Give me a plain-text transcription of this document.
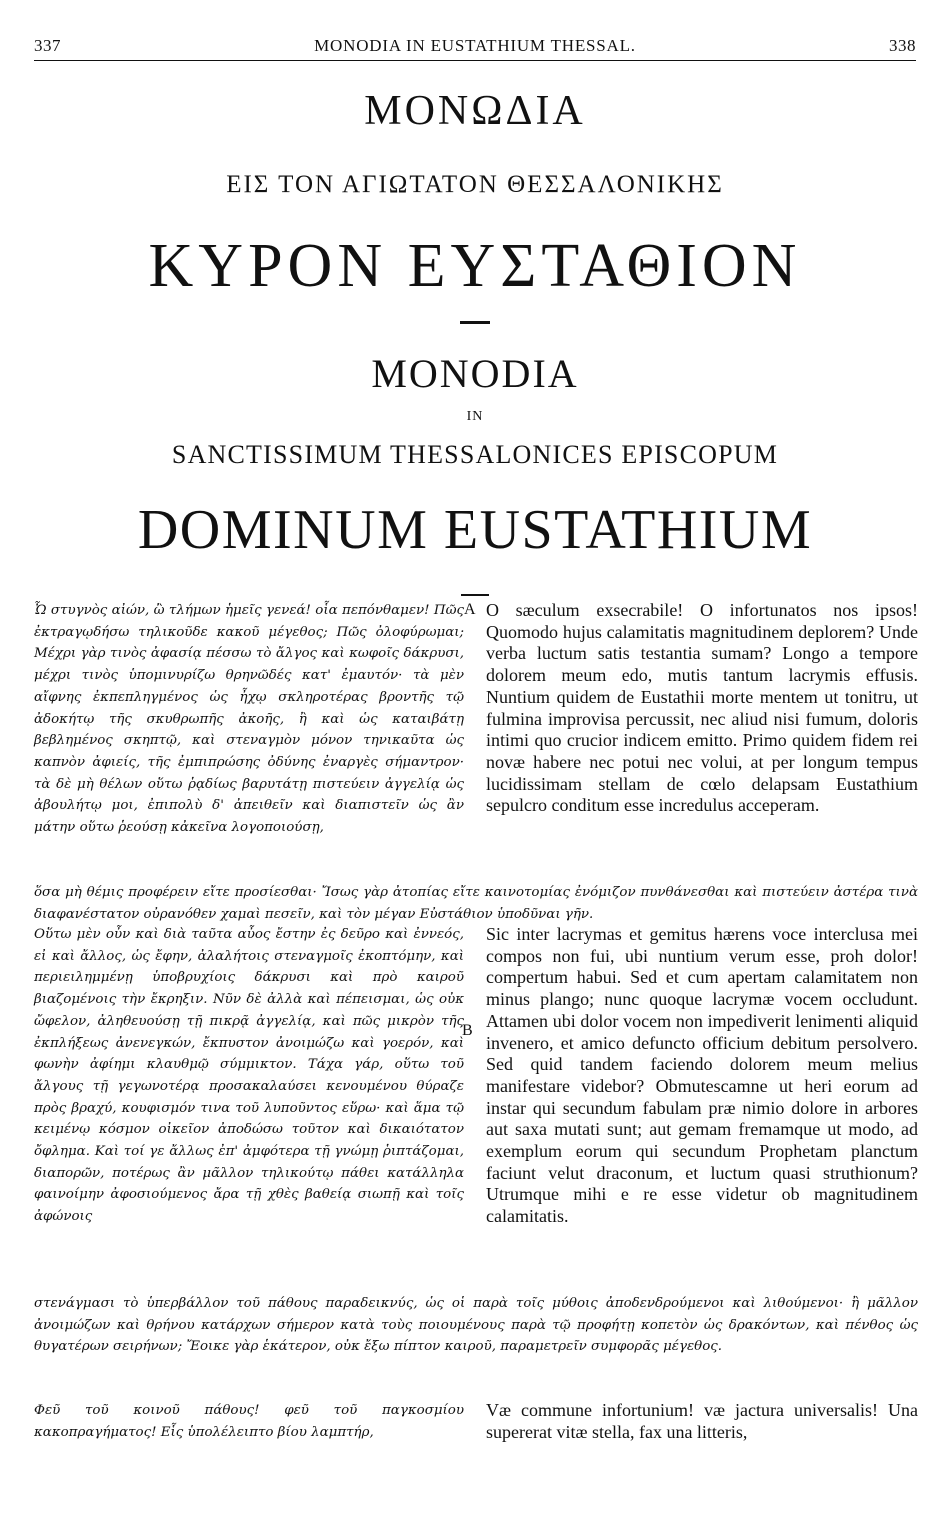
337	MONODIA IN EUSTATHIUM THESSAL.	338
ΜΟΝΩΔΙΑ
ΕΙΣ ΤΟΝ ΑΓΙΩΤΑΤΟΝ ΘΕΣΣΑΛΟΝΙΚΗΣ
ΚΥΡΟΝ ΕΥΣΤΑΘΙΟΝ
MONODIA
IN
SANCTISSIMUM THESSALONICES EPISCOPUM
DOMINUM EUSTATHIUM
A
B
Ὦ στυγνὸς αἰών, ὢ τλήμων ἡμεῖς γενεά! οἷα πεπόνθαμεν! Πῶς ἐκτραγῳδήσω τηλικοῦδε κακοῦ μέγεθος; Πῶς ὀλοφύρωμαι; Μέχρι γὰρ τινὸς ἀφασίᾳ πέσσω τὸ ἄλγος καὶ κωφοῖς δάκρυσι, μέχρι τινὸς ὑπομινυρίζω θρηνῶδές κατ' ἐμαυτόν· τὰ μὲν αἴφνης ἐκπεπληγμένος ὡς ἦχῳ σκληροτέρας βροντῆς τῷ ἀδοκήτῳ τῆς σκυθρωπῆς ἀκοῆς, ἢ καὶ ὡς καταιβάτῃ βεβλημένος σκηπτῷ, καὶ στεναγμὸν μόνον τηνικαῦτα ὡς καπνὸν ἀφιείς, τῆς ἐμπιπρώσης ὀδύνης ἐναργὲς σήμαντρον· τὰ δὲ μὴ θέλων οὕτω ῥᾳδίως βαρυτάτῃ πιστεύειν ἀγγελίᾳ ὡς ἀβουλήτῳ μοι, ἐπιπολὺ δ' ἀπειθεῖν καὶ διαπιστεῖν ὡς ἂν μάτην οὕτω ῥεούσῃ κἀκεῖνα λογοποιούσῃ,
O sæculum exsecrabile! O infortunatos nos ipsos! Quomodo hujus calamitatis magnitudinem deplorem? Unde verba luctum satis testantia sumam? Longo a tempore dolorem meum edo, mutis tantum lacrymis effusis. Nuntium quidem de Eustathii morte mentem ut tonitru, ut fulmina improvisa percussit, nec aliud nisi fumum, doloris intimi quo crucior indicem emitto. Primo quidem fidem rei novæ habere nec potui nec volui, at per longum tempus lucidissimam stellam de cœlo delapsam Eustathium sepulcro conditum esse incredulus acceperam.
ὅσα μὴ θέμις προφέρειν εἴτε προσίεσθαι· Ἴσως γὰρ ἀτοπίας εἴτε καινοτομίας ἐνόμιζον πυνθάνεσθαι καὶ πιστεύειν ἀστέρα τινὰ διαφανέστατον οὐρανόθεν χαμαὶ πεσεῖν, καὶ τὸν μέγαν Εὐστάθιον ὑποδῦναι γῆν.
Οὕτω μὲν οὖν καὶ διὰ ταῦτα αὖος ἔστην ἐς δεῦρο καὶ ἐννεός, εἰ καὶ ἄλλος, ὡς ἔφην, ἀλαλήτοις στεναγμοῖς ἐκοπτόμην, καὶ περιειλημμένῃ ὑποβρυχίοις δάκρυσι καὶ πρὸ καιροῦ βιαζομένοις τὴν ἔκρηξιν. Νῦν δὲ ἀλλὰ καὶ πέπεισμαι, ὡς οὐκ ὤφελον, ἀληθευούσῃ τῇ πικρᾷ ἀγγελίᾳ, καὶ πῶς μικρὸν τῆς ἐκπλήξεως ἀνενεγκών, ἔκπυστον ἀνοιμώζω καὶ γοερόν, καὶ φωνὴν ἀφίημι κλαυθμῷ σύμμικτον. Τάχα γάρ, οὕτω τοῦ ἄλγους τῇ γεγωνοτέρᾳ προσακαλαύσει κενουμένου θύραζε πρὸς βραχύ, κουφισμόν τινα τοῦ λυποῦντος εὕρω· καὶ ἅμα τῷ κειμένῳ κόσμον οἰκεῖον ἀποδώσω τοῦτον καὶ δικαιότατον ὄφλημα. Καὶ τοί γε ἄλλως ἐπ' ἀμφότερα τῇ γνώμῃ ῥιπτάζομαι, διαπορῶν, ποτέρως ἂν μᾶλλον τηλικούτῳ πάθει κατάλληλα φαινοίμην ἀφοσιούμενος ἄρα τῇ χθὲς βαθείᾳ σιωπῇ καὶ τοῖς ἀφώνοις
Sic inter lacrymas et gemitus hærens voce interclusa mei compos non fui, ubi nuntium verum esse, proh dolor! compertum habui. Sed et cum apertam calamitatem non minus plango; nunc quoque lacrymæ vocem occludunt. Attamen ubi dolor vocem non impediverit lenimenti aliquid invenero, et amico defuncto officium debitum persolvero. Sed quid tandem faciendo dolorem meum melius manifestare videbor? Obmutescamne ut heri eorum ad instar qui secundum fabulam præ nimio dolore in arbores aut saxa mutati sunt; aut gemam fremamque ut modo, ad exemplum eorum qui secundum Prophetam planctum faciunt velut draconum, et luctum quasi struthionum? Utrumque mihi e re esse videtur ob magnitudinem calamitatis.
στενάγμασι τὸ ὑπερβάλλον τοῦ πάθους παραδεικνύς, ὡς οἱ παρὰ τοῖς μύθοις ἀποδενδρούμενοι καὶ λιθούμενοι· ἢ μᾶλλον ἀνοιμώζων καὶ θρήνου κατάρχων σήμερον κατὰ τοὺς ποιουμένους παρὰ τῷ προφήτῃ κοπετὸν ὡς δρακόντων, καὶ πένθος ὡς θυγατέρων σειρήνων; Ἔοικε γὰρ ἑκάτερον, οὐκ ἔξω πίπτον καιροῦ, παραμετρεῖν συμφορᾶς μέγεθος.
Φεῦ τοῦ κοινοῦ πάθους! φεῦ τοῦ παγκοσμίου κακοπραγήματος! Εἷς ὑπολέλειπτο βίου λαμπτήρ,
Væ commune infortunium! væ jactura universalis! Una supererat vitæ stella, fax una litteris,
